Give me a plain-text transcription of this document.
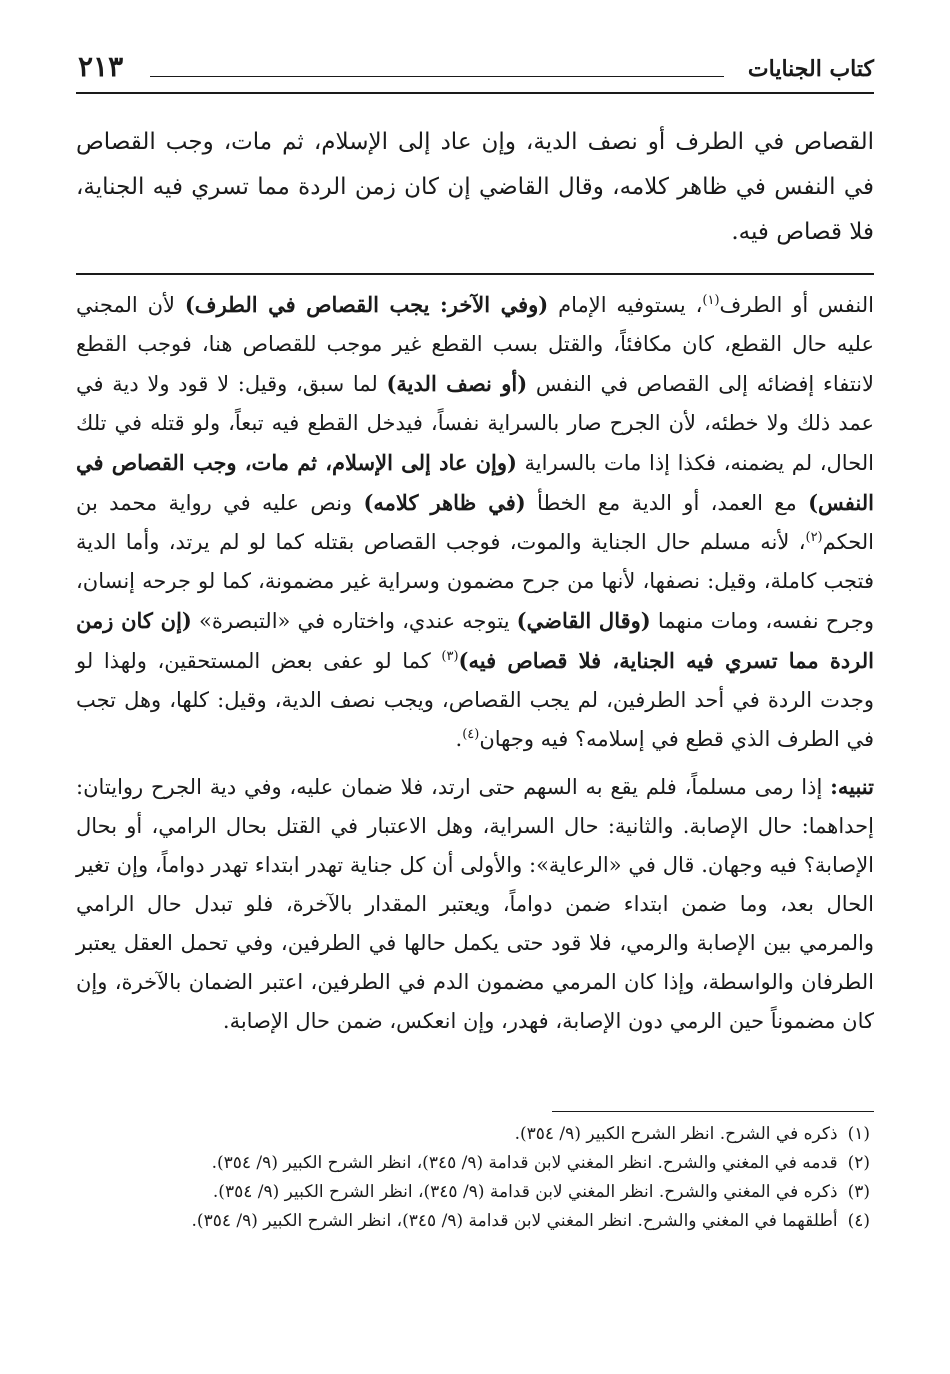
كتاب الجنايات
٢١٣
القصاص في الطرف أو نصف الدية، وإن عاد إلى الإسلام، ثم مات، وجب القصاص في النفس في ظاهر كلامه، وقال القاضي إن كان زمن الردة مما تسري فيه الجناية، فلا قصاص فيه.

النفس أو الطرف$^{(١)}$، يستوفيه الإمام (وفي الآخر: يجب القصاص في الطرف) لأن المجني عليه حال القطع، كان مكافئاً، والقتل بسب القطع غير موجب للقصاص هنا، فوجب القطع لانتفاء إفضائه إلى القصاص في النفس (أو نصف الدية) لما سبق، وقيل: لا قود ولا دية في عمد ذلك ولا خطئه، لأن الجرح صار بالسراية نفساً، فيدخل القطع فيه تبعاً، ولو قتله في تلك الحال، لم يضمنه، فكذا إذا مات بالسراية (وإن عاد إلى الإسلام، ثم مات، وجب القصاص في النفس) مع العمد، أو الدية مع الخطأ (في ظاهر كلامه) ونص عليه في رواية محمد بن الحكم$^{(٢)}$، لأنه مسلم حال الجناية والموت، فوجب القصاص بقتله كما لو لم يرتد، وأما الدية فتجب كاملة، وقيل: نصفها، لأنها من جرح مضمون وسراية غير مضمونة، كما لو جرحه إنسان، وجرح نفسه، ومات منهما (وقال القاضي) يتوجه عندي، واختاره في «التبصرة» (إن كان زمن الردة مما تسري فيه الجناية، فلا قصاص فيه)$^{(٣)}$ كما لو عفى بعض المستحقين، ولهذا لو وجدت الردة في أحد الطرفين، لم يجب القصاص، ويجب نصف الدية، وقيل: كلها، وهل تجب في الطرف الذي قطع في إسلامه؟ فيه وجهان$^{(٤)}$.

تنبيه: إذا رمى مسلماً، فلم يقع به السهم حتى ارتد، فلا ضمان عليه، وفي دية الجرح روايتان: إحداهما: حال الإصابة. والثانية: حال السراية، وهل الاعتبار في القتل بحال الرامي، أو بحال الإصابة؟ فيه وجهان. قال في «الرعاية»: والأولى أن كل جناية تهدر ابتداء تهدر دواماً، وإن تغير الحال بعد، وما ضمن ابتداء ضمن دواماً، ويعتبر المقدار بالآخرة، فلو تبدل حال الرامي والمرمي بين الإصابة والرمي، فلا قود حتى يكمل حالها في الطرفين، وفي تحمل العقل يعتبر الطرفان والواسطة، وإذا كان المرمي مضمون الدم في الطرفين، اعتبر الضمان بالآخرة، وإن كان مضموناً حين الرمي دون الإصابة، فهدر، وإن انعكس، ضمن حال الإصابة.

(١)ذكره في الشرح. انظر الشرح الكبير (٩/ ٣٥٤).
(٢)قدمه في المغني والشرح. انظر المغني لابن قدامة (٩/ ٣٤٥)، انظر الشرح الكبير (٩/ ٣٥٤).
(٣)ذكره في المغني والشرح. انظر المغني لابن قدامة (٩/ ٣٤٥)، انظر الشرح الكبير (٩/ ٣٥٤).
(٤)أطلقهما في المغني والشرح. انظر المغني لابن قدامة (٩/ ٣٤٥)، انظر الشرح الكبير (٩/ ٣٥٤).
